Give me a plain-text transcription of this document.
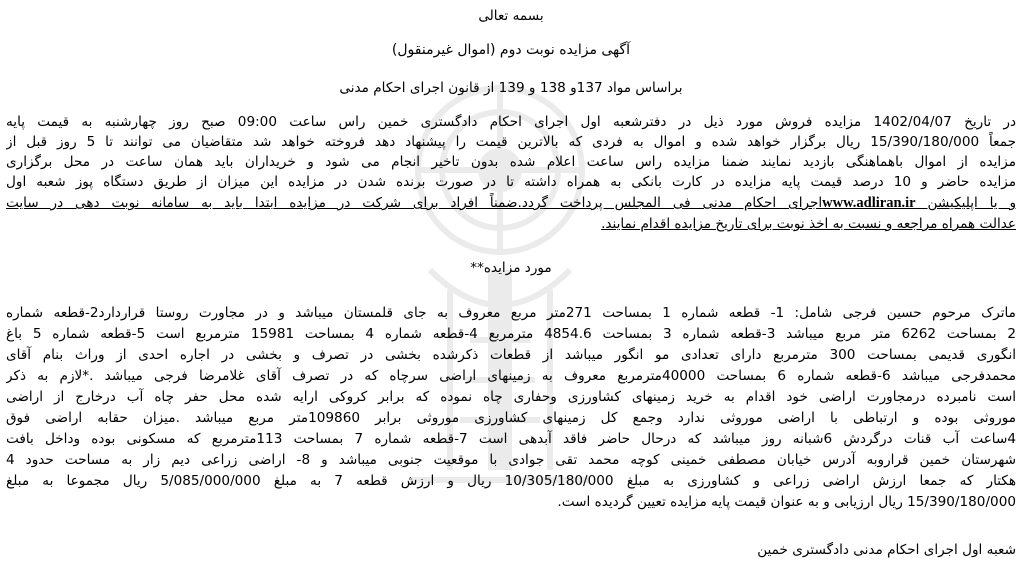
بسمه تعالی
آگهی مزایده نوبت دوم (اموال غیرمنقول)
براساس مواد 137و 138 و 139 از قانون اجرای احکام مدنی
در تاریخ 1402/04/07 مزایده فروش مورد ذیل در دفترشعبه اول اجرای احکام دادگستری خمین راس ساعت 09:00 صبح روز چهارشنبه به قیمت پایه
جمعاً 15/390/180/000 ریال برگزار خواهد شده و اموال به فردی که بالاترین قیمت را پیشنهاد دهد فروخته خواهد شد متقاضیان می توانند تا 5 روز قبل از
مزایده از اموال باهماهنگی بازدید نمایند ضمنا مزایده راس ساعت اعلام شده بدون تاخیر انجام می شود و خریداران باید همان ساعت در محل برگزاری
مزایده حاضر و 10 درصد قیمت پایه مزایده در کارت بانکی به همراه داشته تا در صورت برنده شدن در مزایده این میزان از طریق دستگاه پوز شعبه اول
و یا اپلیکیشن www.adliran.irاجرای احکام مدنی فی المجلس پرداخت گردد.ضمناً افراد برای شرکت در مزایده ابتدا باید به سامانه نوبت دهی در سایت
عدالت همراه مراجعه و نسبت به اخذ نوبت برای تاریخ مزایده اقدام نمایند.
مورد مزایده**
ماترک مرحوم حسین فرجی شامل: 1- قطعه شماره 1 بمساحت 271متر مربع معروف به جای قلمستان میباشد و در مجاورت روستا قراردارد2-قطعه شماره
2 بمساحت 6262 متر مربع میباشد 3-قطعه شماره 3 بمساحت 4854.6 مترمربع 4-قطعه شماره 4 بمساحت 15981 مترمربع است 5-قطعه شماره 5 باغ
انگوری قدیمی بمساحت 300 مترمربع دارای تعدادی مو انگور میباشد از قطعات ذکرشده بخشی در تصرف و بخشی در اجاره احدی از وراث بنام آقای
محمدفرجی میباشد 6-قطعه شماره 6 بمساحت 40000مترمربع معروف به زمینهای اراضی سرچاه که در تصرف آقای غلامرضا فرجی میباشد .*لازم به ذکر
است نامبرده درمجاورت اراضی خود اقدام به خرید زمینهای کشاورزی وحفاری چاه نموده که برابر کروکی ارایه شده محل حفر چاه آب درخارج از اراضی
موروثی بوده و ارتباطی با اراضی موروثی ندارد وجمع کل زمینهای کشاورزی موروثی برابر 109860متر مربع میباشد .میزان حقابه اراضی فوق
4ساعت آب قنات درگردش 6شبانه روز میباشد که درحال حاضر فاقد آبدهی است 7-قطعه شماره 7 بمساحت 113مترمربع که مسکونی بوده وداخل بافت
شهرستان خمین قراروبه آدرس خیابان مصطفی خمینی کوچه محمد تقی جوادی با موقعیت جنوبی میباشد و 8- اراضی زراعی دیم زار به مساحت حدود 4
هکتار که جمعا ارزش اراضی زراعی و کشاورزی به مبلغ 10/305/180/000 ریال و ارزش قطعه 7 به مبلغ 5/085/000/000 ریال مجموعا به مبلغ
15/390/180/000 ریال ارزیابی و به عنوان قیمت پایه مزایده تعیین گردیده است.
شعبه اول اجرای احکام مدنی دادگستری خمین
